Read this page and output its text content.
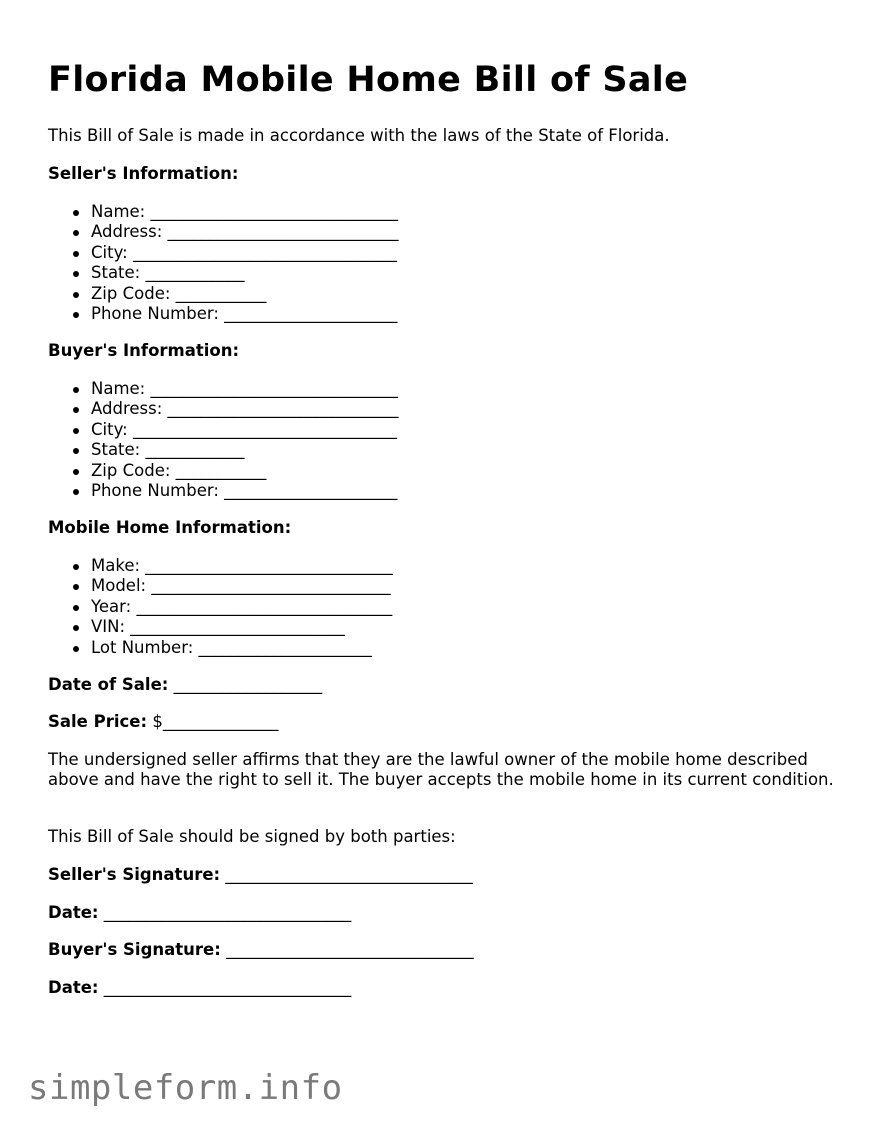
Florida Mobile Home Bill of Sale

This Bill of Sale is made in accordance with the laws of the State of Florida.

Seller's Information:

Name: ______________________________
Address: ____________________________
City: ________________________________
State: ____________
Zip Code: ___________
Phone Number: _____________________

Buyer's Information:

Name: ______________________________
Address: ____________________________
City: ________________________________
State: ____________
Zip Code: ___________
Phone Number: _____________________

Mobile Home Information:

Make: ______________________________
Model: _____________________________
Year: _______________________________
VIN: __________________________
Lot Number: _____________________

Date of Sale: __________________

Sale Price: $______________

The undersigned seller affirms that they are the lawful owner of the mobile home described above and have the right to sell it. The buyer accepts the mobile home in its current condition.

This Bill of Sale should be signed by both parties:

Seller's Signature: ______________________________

Date: ______________________________

Buyer's Signature: ______________________________

Date: ______________________________

simpleform.info
